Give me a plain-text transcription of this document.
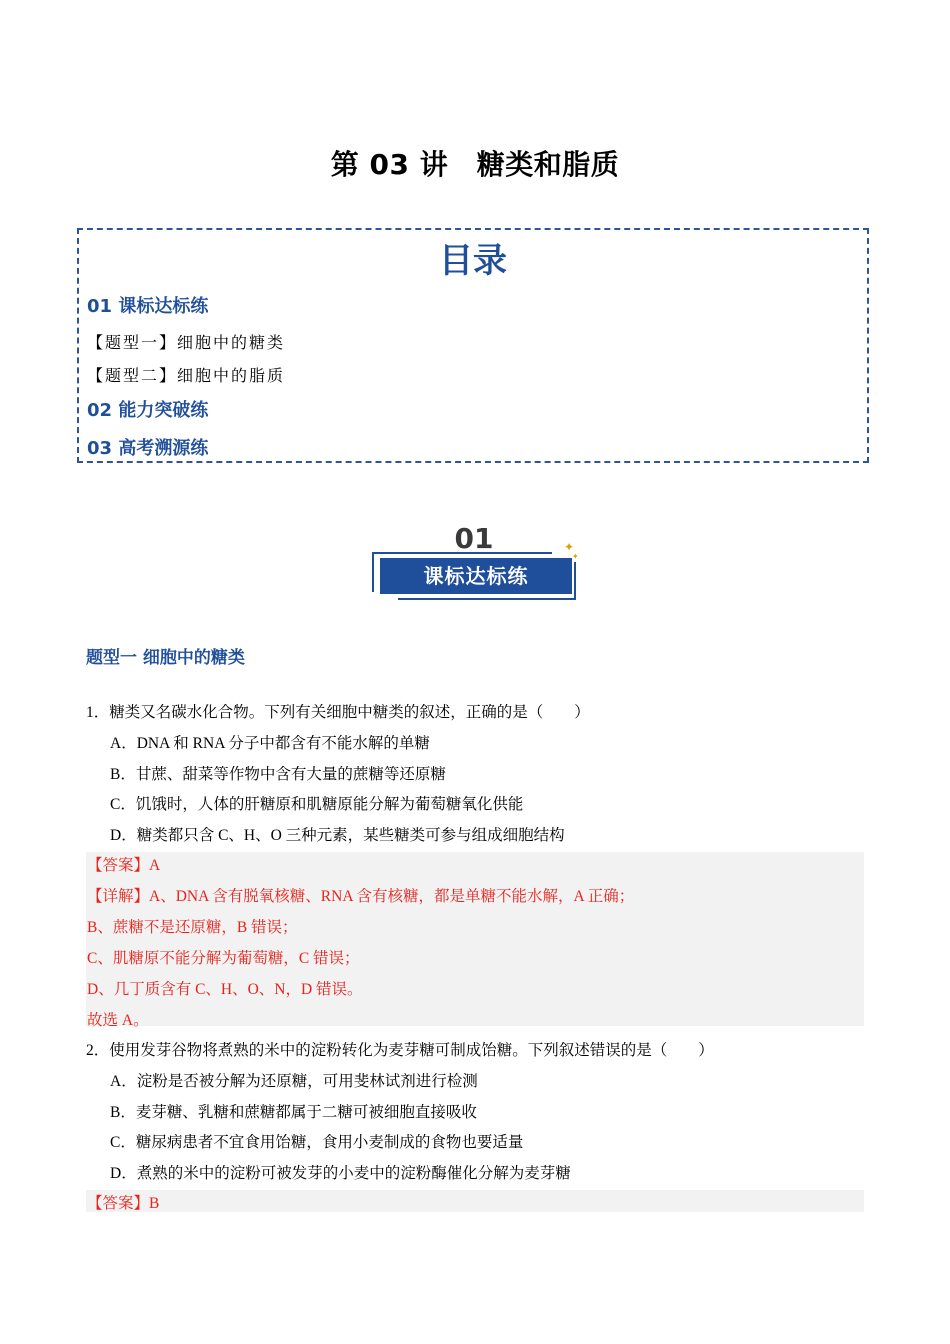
第 03 讲　糖类和脂质
目录
01 课标达标练
【题型一】细胞中的糖类
【题型二】细胞中的脂质
02 能力突破练
03 高考溯源练
01
课标达标练
✦
✦
题型一 细胞中的糖类
1．糖类又名碳水化合物。下列有关细胞中糖类的叙述，正确的是（　　）
A．DNA 和 RNA 分子中都含有不能水解的单糖
B．甘蔗、甜菜等作物中含有大量的蔗糖等还原糖
C．饥饿时，人体的肝糖原和肌糖原能分解为葡萄糖氧化供能
D．糖类都只含 C、H、O 三种元素，某些糖类可参与组成细胞结构
【答案】A
【详解】A、DNA 含有脱氧核糖、RNA 含有核糖，都是单糖不能水解，A 正确；
B、蔗糖不是还原糖，B 错误；
C、肌糖原不能分解为葡萄糖，C 错误；
D、几丁质含有 C、H、O、N，D 错误。
故选 A。
2．使用发芽谷物将煮熟的米中的淀粉转化为麦芽糖可制成饴糖。下列叙述错误的是（　　）
A．淀粉是否被分解为还原糖，可用斐林试剂进行检测
B．麦芽糖、乳糖和蔗糖都属于二糖可被细胞直接吸收
C．糖尿病患者不宜食用饴糖，食用小麦制成的食物也要适量
D．煮熟的米中的淀粉可被发芽的小麦中的淀粉酶催化分解为麦芽糖
【答案】B
